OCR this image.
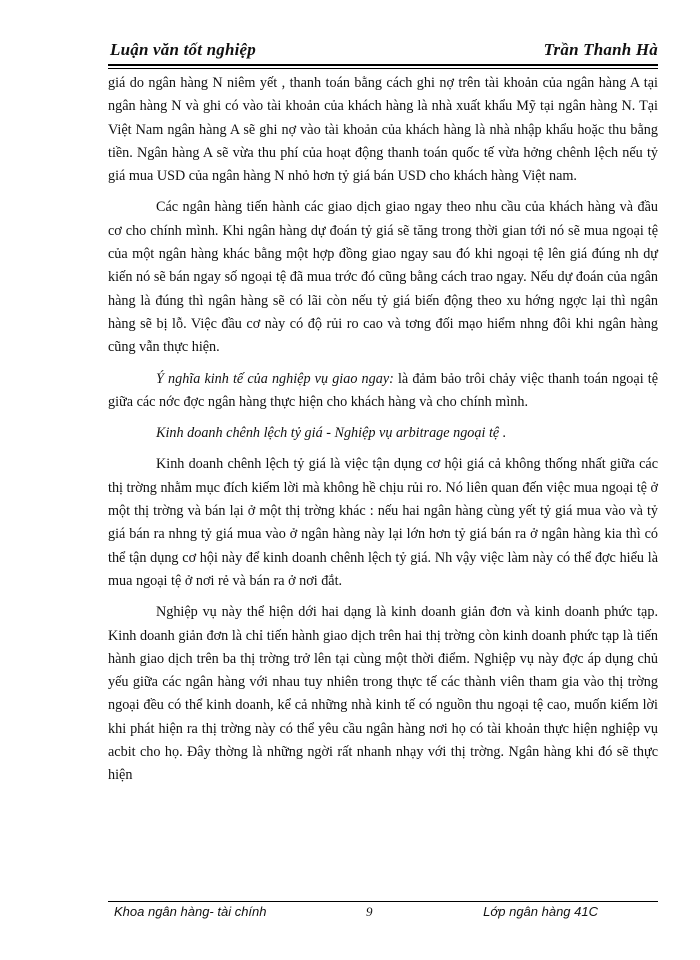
Luận văn tốt nghiệp	Trần Thanh Hà

giá do ngân hàng N niêm yết , thanh toán bằng cách ghi nợ trên tài khoản của ngân hàng A tại ngân hàng N và ghi có vào tài khoản của khách hàng là nhà xuất khẩu Mỹ tại ngân hàng N. Tại Việt Nam ngân hàng A sẽ ghi nợ vào tài khoản của khách hàng là nhà nhập khẩu hoặc thu bằng tiền. Ngân hàng A sẽ vừa thu phí của hoạt động thanh toán quốc tế vừa hởng chênh lệch nếu tỷ giá mua USD của ngân hàng N nhỏ hơn tỷ giá bán USD cho khách hàng Việt nam.

Các ngân hàng tiến hành các giao dịch giao ngay theo nhu cầu của khách hàng và đầu cơ cho chính mình. Khi ngân hàng dự đoán tỷ giá sẽ tăng trong thời gian tới nó sẽ mua ngoại tệ của một ngân hàng khác bằng một hợp đồng giao ngay sau đó khi ngoại tệ lên giá đúng nh dự kiến nó sẽ bán ngay số ngoại tệ đã mua trớc đó cũng bằng cách trao ngay. Nếu dự đoán của ngân hàng là đúng thì ngân hàng sẽ có lãi còn nếu tỷ giá biến động theo xu hớng ngợc lại thì ngân hàng sẽ bị lỗ. Việc đầu cơ này có độ rủi ro cao và tơng đối mạo hiểm nhng đôi khi ngân hàng cũng vẫn thực hiện.

Ý nghĩa kinh tế của nghiệp vụ giao ngay: là đảm bảo trôi chảy việc thanh toán ngoại tệ giữa các nớc đợc ngân hàng thực hiện cho khách hàng và cho chính mình.

Kinh doanh chênh lệch tỷ giá - Nghiệp vụ arbitrage ngoại tệ .

Kinh doanh chênh lệch tỷ giá là việc tận dụng cơ hội giá cả không thống nhất giữa các thị trờng nhằm mục đích kiếm lời mà không hề chịu rủi ro. Nó liên quan đến việc mua ngoại tệ ở một thị trờng và bán lại ở một thị trờng khác : nếu hai ngân hàng cùng yết tỷ giá mua vào và tỷ giá bán ra nhng tỷ giá mua vào ở ngân hàng này lại lớn hơn tỷ giá bán ra ở ngân hàng kia thì có thể tận dụng cơ hội này để kinh doanh chênh lệch tỷ giá. Nh vậy việc làm này có thể đợc hiểu là mua ngoại tệ ở nơi rẻ và bán ra ở nơi đắt.

Nghiệp vụ này thể hiện dới hai dạng là kinh doanh giản đơn và kinh doanh phức tạp. Kinh doanh giản đơn là chỉ tiến hành giao dịch trên hai thị trờng còn kinh doanh phức tạp là tiến hành giao dịch trên ba thị trờng trở lên tại cùng một thời điểm. Nghiệp vụ này đợc áp dụng chủ yếu giữa các ngân hàng với nhau tuy nhiên trong thực tế các thành viên tham gia vào thị trờng ngoại đều có thể kinh doanh, kể cả những nhà kinh tế có nguồn thu ngoại tệ cao, muốn kiếm lời khi phát hiện ra thị trờng này có thể yêu cầu ngân hàng nơi họ có tài khoản thực hiện nghiệp vụ acbit cho họ. Đây thờng là những ngời rất nhanh nhạy với thị trờng. Ngân hàng khi đó sẽ thực hiện

Khoa ngân hàng- tài chính	9	Lớp ngân hàng 41C
